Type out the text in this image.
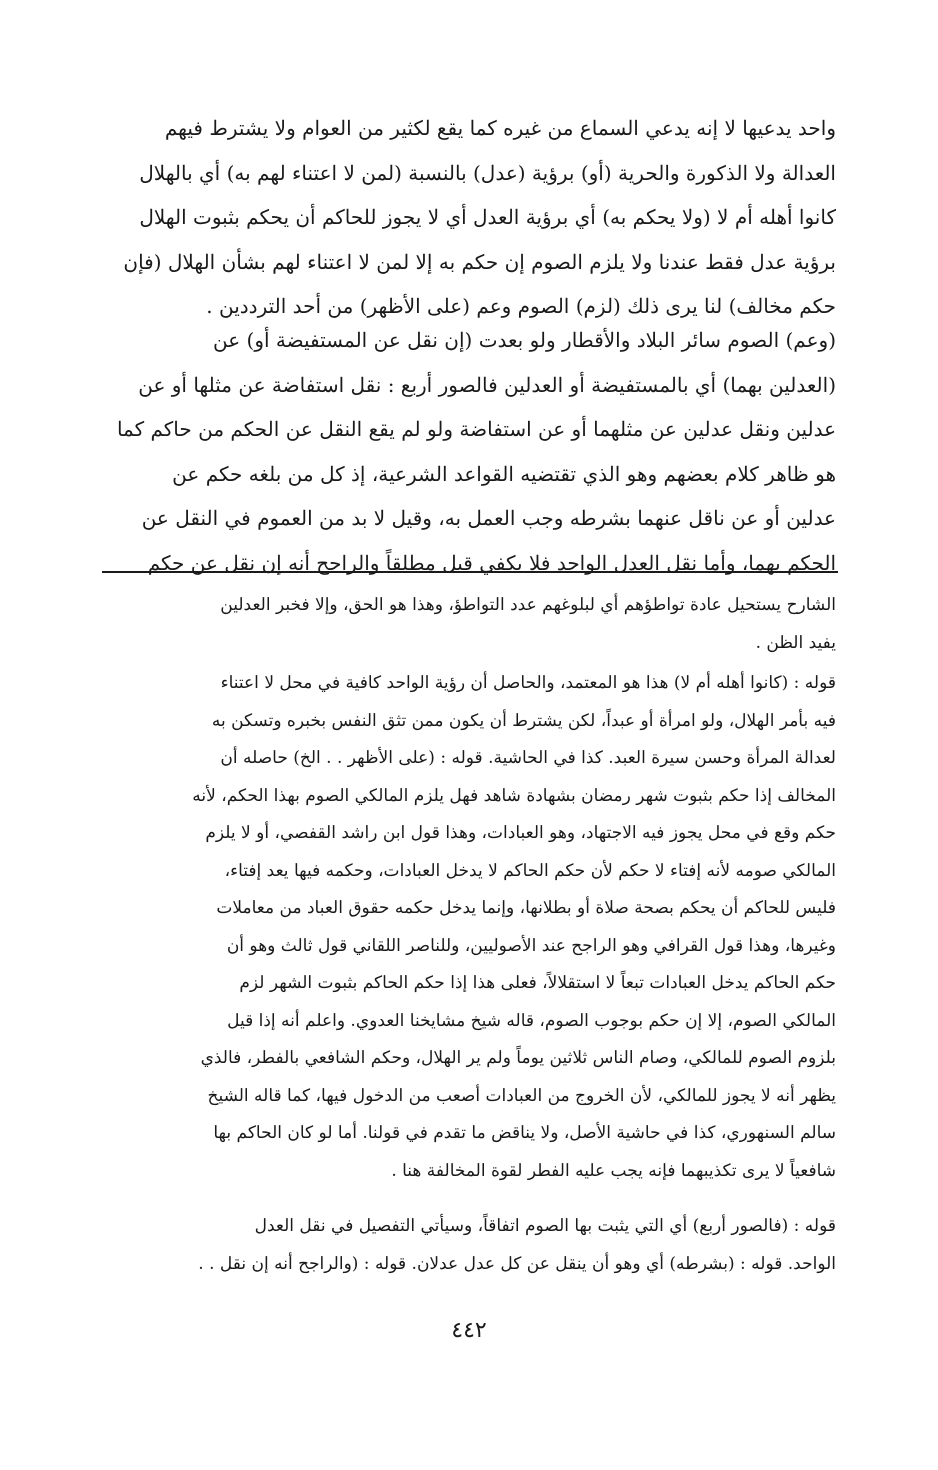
واحد يدعيها لا إنه يدعي السماع من غيره كما يقع لكثير من العوام ولا يشترط فيهم
العدالة ولا الذكورة والحرية (أو) برؤية (عدل) بالنسبة (لمن لا اعتناء لهم به) أي بالهلال
كانوا أهله أم لا (ولا يحكم به) أي برؤية العدل أي لا يجوز للحاكم أن يحكم بثبوت الهلال
برؤية عدل فقط عندنا ولا يلزم الصوم إن حكم به إلا لمن لا اعتناء لهم بشأن الهلال (فإن
حكم مخالف) لنا يرى ذلك (لزم) الصوم وعم (على الأظهر) من أحد الترددين .
(وعم) الصوم سائر البلاد والأقطار ولو بعدت (إن نقل عن المستفيضة أو) عن
(العدلين بهما) أي بالمستفيضة أو العدلين فالصور أربع : نقل استفاضة عن مثلها أو عن
عدلين ونقل عدلين عن مثلهما أو عن استفاضة ولو لم يقع النقل عن الحكم من حاكم كما
هو ظاهر كلام بعضهم وهو الذي تقتضيه القواعد الشرعية، إذ كل من بلغه حكم عن
عدلين أو عن ناقل عنهما بشرطه وجب العمل به، وقيل لا بد من العموم في النقل عن
الحكم بهما، وأما نقل العدل الواحد فلا يكفي قيل مطلقاً والراجح أنه إن نقل عن حكم
الشارح يستحيل عادة تواطؤهم أي لبلوغهم عدد التواطؤ، وهذا هو الحق، وإلا فخبر العدلين
يفيد الظن .
قوله : (كانوا أهله أم لا) هذا هو المعتمد، والحاصل أن رؤية الواحد كافية في محل لا اعتناء
فيه بأمر الهلال، ولو امرأة أو عبداً، لكن يشترط أن يكون ممن تثق النفس بخبره وتسكن به
لعدالة المرأة وحسن سيرة العبد. كذا في الحاشية. قوله : (على الأظهر . . الخ) حاصله أن
المخالف إذا حكم بثبوت شهر رمضان بشهادة شاهد فهل يلزم المالكي الصوم بهذا الحكم، لأنه
حكم وقع في محل يجوز فيه الاجتهاد، وهو العبادات، وهذا قول ابن راشد القفصي، أو لا يلزم
المالكي صومه لأنه إفتاء لا حكم لأن حكم الحاكم لا يدخل العبادات، وحكمه فيها يعد إفتاء،
فليس للحاكم أن يحكم بصحة صلاة أو بطلانها، وإنما يدخل حكمه حقوق العباد من معاملات
وغيرها، وهذا قول القرافي وهو الراجح عند الأصوليين، وللناصر اللقاني قول ثالث وهو أن
حكم الحاكم يدخل العبادات تبعاً لا استقلالاً، فعلى هذا إذا حكم الحاكم بثبوت الشهر لزم
المالكي الصوم، إلا إن حكم بوجوب الصوم، قاله شيخ مشايخنا العدوي. واعلم أنه إذا قيل
بلزوم الصوم للمالكي، وصام الناس ثلاثين يوماً ولم ير الهلال، وحكم الشافعي بالفطر، فالذي
يظهر أنه لا يجوز للمالكي، لأن الخروج من العبادات أصعب من الدخول فيها، كما قاله الشيخ
سالم السنهوري، كذا في حاشية الأصل، ولا يناقض ما تقدم في قولنا. أما لو كان الحاكم بها
شافعياً لا يرى تكذيبهما فإنه يجب عليه الفطر لقوة المخالفة هنا .
قوله : (فالصور أربع) أي التي يثبت بها الصوم اتفاقاً، وسيأتي التفصيل في نقل العدل
الواحد. قوله : (بشرطه) أي وهو أن ينقل عن كل عدل عدلان. قوله : (والراجح أنه إن نقل . .
٤٤٢
